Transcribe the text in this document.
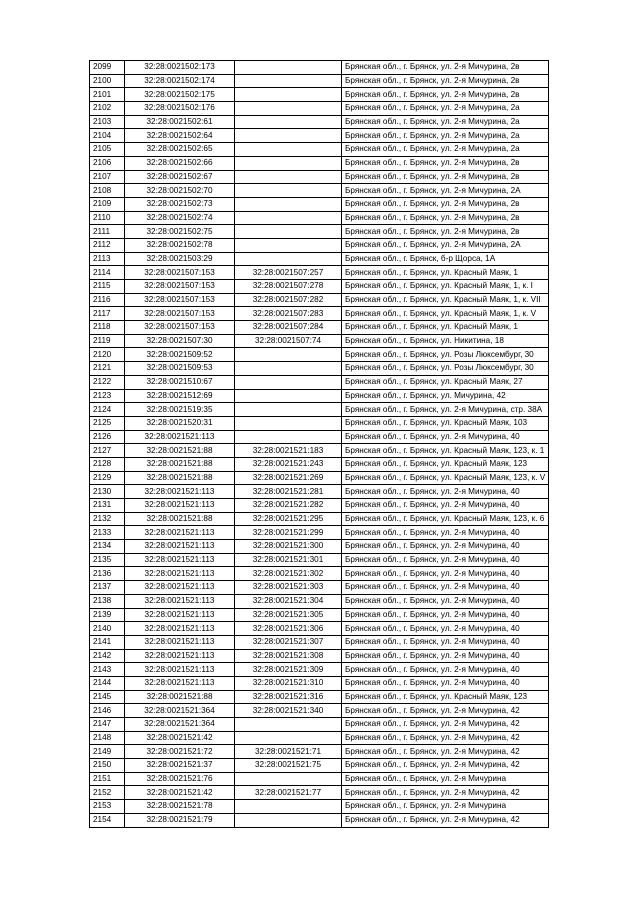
2099	32:28:0021502:173		Брянская обл., г. Брянск, ул. 2-я Мичурина, 2в
2100	32:28:0021502:174		Брянская обл., г. Брянск, ул. 2-я Мичурина, 2в
2101	32:28:0021502:175		Брянская обл., г. Брянск, ул. 2-я Мичурина, 2в
2102	32:28:0021502:176		Брянская обл., г. Брянск, ул. 2-я Мичурина, 2а
2103	32:28:0021502:61		Брянская обл., г. Брянск, ул. 2-я Мичурина, 2а
2104	32:28:0021502:64		Брянская обл., г. Брянск, ул. 2-я Мичурина, 2а
2105	32:28:0021502:65		Брянская обл., г. Брянск, ул. 2-я Мичурина, 2а
2106	32:28:0021502:66		Брянская обл., г. Брянск, ул. 2-я Мичурина, 2в
2107	32:28:0021502:67		Брянская обл., г. Брянск, ул. 2-я Мичурина, 2в
2108	32:28:0021502:70		Брянская обл., г. Брянск, ул. 2-я Мичурина, 2А
2109	32:28:0021502:73		Брянская обл., г. Брянск, ул. 2-я Мичурина, 2в
2110	32:28:0021502:74		Брянская обл., г. Брянск, ул. 2-я Мичурина, 2в
2111	32:28:0021502:75		Брянская обл., г. Брянск, ул. 2-я Мичурина, 2в
2112	32:28:0021502:78		Брянская обл., г. Брянск, ул. 2-я Мичурина, 2А
2113	32:28:0021503:29		Брянская обл., г. Брянск, б-р Щорса, 1А
2114	32:28:0021507:153	32:28:0021507:257	Брянская обл., г. Брянск, ул. Красный Маяк, 1
2115	32:28:0021507:153	32:28:0021507:278	Брянская обл., г. Брянск, ул. Красный Маяк, 1, к. I
2116	32:28:0021507:153	32:28:0021507:282	Брянская обл., г. Брянск, ул. Красный Маяк, 1, к. VII
2117	32:28:0021507:153	32:28:0021507:283	Брянская обл., г. Брянск, ул. Красный Маяк, 1, к. V
2118	32:28:0021507:153	32:28:0021507:284	Брянская обл., г. Брянск, ул. Красный Маяк, 1
2119	32:28:0021507:30	32:28:0021507:74	Брянская обл., г. Брянск, ул. Никитина, 18
2120	32:28:0021509:52		Брянская обл., г. Брянск, ул. Розы Люксембург, 30
2121	32:28:0021509:53		Брянская обл., г. Брянск, ул. Розы Люксембург, 30
2122	32:28:0021510:67		Брянская обл., г. Брянск, ул. Красный Маяк, 27
2123	32:28:0021512:69		Брянская обл., г. Брянск, ул. Мичурина, 42
2124	32:28:0021519:35		Брянская обл., г. Брянск, ул. 2-я Мичурина, стр. 38А
2125	32:28:0021520:31		Брянская обл., г. Брянск, ул. Красный Маяк, 103
2126	32:28:0021521:113		Брянская обл., г. Брянск, ул. 2-я Мичурина, 40
2127	32:28:0021521:88	32:28:0021521:183	Брянская обл., г. Брянск, ул. Красный Маяк, 123, к. 1
2128	32:28:0021521:88	32:28:0021521:243	Брянская обл., г. Брянск, ул. Красный Маяк, 123
2129	32:28:0021521:88	32:28:0021521:269	Брянская обл., г. Брянск, ул. Красный Маяк, 123, к. V
2130	32:28:0021521:113	32:28:0021521:281	Брянская обл., г. Брянск, ул. 2-я Мичурина, 40
2131	32:28:0021521:113	32:28:0021521:282	Брянская обл., г. Брянск, ул. 2-я Мичурина, 40
2132	32:28:0021521:88	32:28:0021521:295	Брянская обл., г. Брянск, ул. Красный Маяк, 123, к. 6
2133	32:28:0021521:113	32:28:0021521:299	Брянская обл., г. Брянск, ул. 2-я Мичурина, 40
2134	32:28:0021521:113	32:28:0021521:300	Брянская обл., г. Брянск, ул. 2-я Мичурина, 40
2135	32:28:0021521:113	32:28:0021521:301	Брянская обл., г. Брянск, ул. 2-я Мичурина, 40
2136	32:28:0021521:113	32:28:0021521:302	Брянская обл., г. Брянск, ул. 2-я Мичурина, 40
2137	32:28:0021521:113	32:28:0021521:303	Брянская обл., г. Брянск, ул. 2-я Мичурина, 40
2138	32:28:0021521:113	32:28:0021521:304	Брянская обл., г. Брянск, ул. 2-я Мичурина, 40
2139	32:28:0021521:113	32:28:0021521:305	Брянская обл., г. Брянск, ул. 2-я Мичурина, 40
2140	32:28:0021521:113	32:28:0021521:306	Брянская обл., г. Брянск, ул. 2-я Мичурина, 40
2141	32:28:0021521:113	32:28:0021521:307	Брянская обл., г. Брянск, ул. 2-я Мичурина, 40
2142	32:28:0021521:113	32:28:0021521:308	Брянская обл., г. Брянск, ул. 2-я Мичурина, 40
2143	32:28:0021521:113	32:28:0021521:309	Брянская обл., г. Брянск, ул. 2-я Мичурина, 40
2144	32:28:0021521:113	32:28:0021521:310	Брянская обл., г. Брянск, ул. 2-я Мичурина, 40
2145	32:28:0021521:88	32:28:0021521:316	Брянская обл., г. Брянск, ул. Красный Маяк, 123
2146	32:28:0021521:364	32:28:0021521:340	Брянская обл., г. Брянск, ул. 2-я Мичурина, 42
2147	32:28:0021521:364		Брянская обл., г. Брянск, ул. 2-я Мичурина, 42
2148	32:28:0021521:42		Брянская обл., г. Брянск, ул. 2-я Мичурина, 42
2149	32:28:0021521:72	32:28:0021521:71	Брянская обл., г. Брянск, ул. 2-я Мичурина, 42
2150	32:28:0021521:37	32:28:0021521:75	Брянская обл., г. Брянск, ул. 2-я Мичурина, 42
2151	32:28:0021521:76		Брянская обл., г. Брянск, ул. 2-я Мичурина
2152	32:28:0021521:42	32:28:0021521:77	Брянская обл., г. Брянск, ул. 2-я Мичурина, 42
2153	32:28:0021521:78		Брянская обл., г. Брянск, ул. 2-я Мичурина
2154	32:28:0021521:79		Брянская обл., г. Брянск, ул. 2-я Мичурина, 42
